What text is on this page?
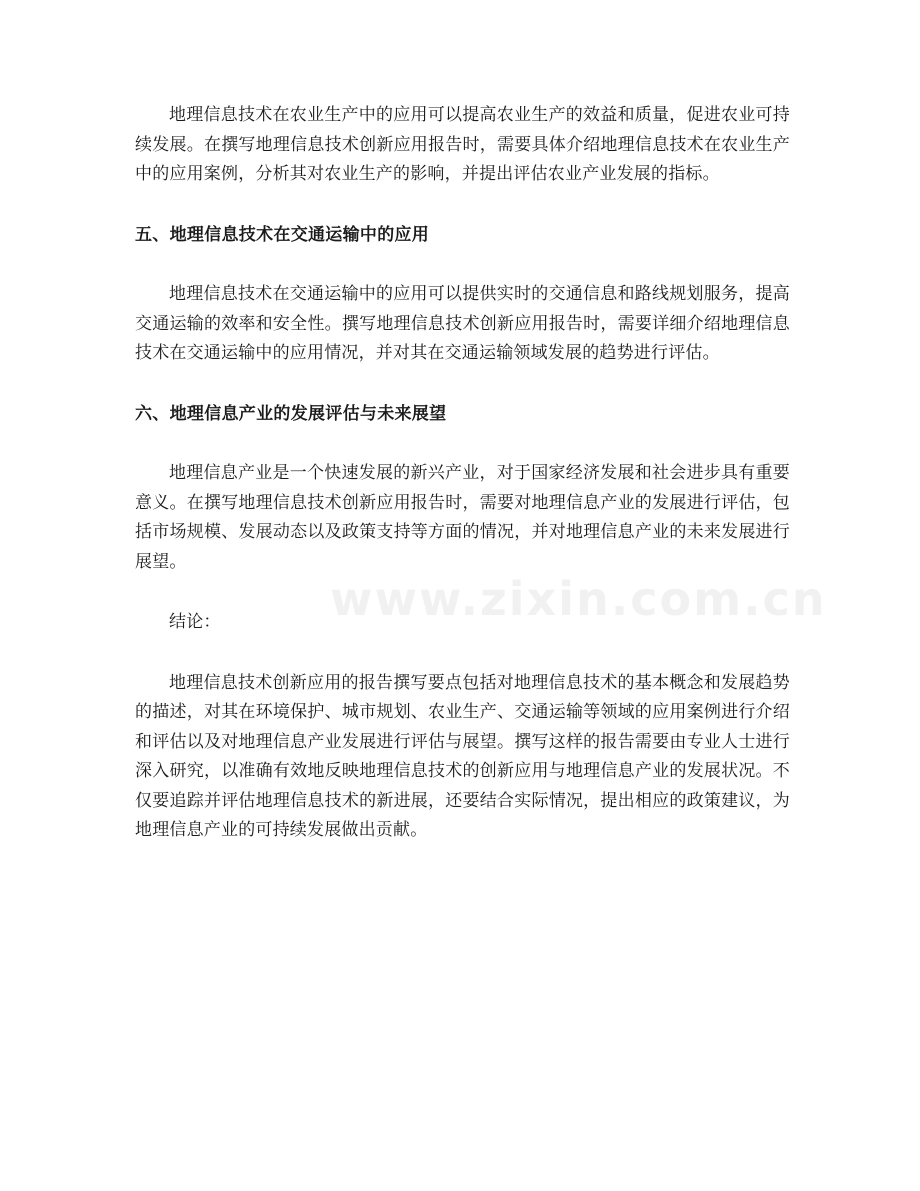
地理信息技术在农业生产中的应用可以提高农业生产的效益和质量，促进农业可持续发展。在撰写地理信息技术创新应用报告时，需要具体介绍地理信息技术在农业生产中的应用案例，分析其对农业生产的影响，并提出评估农业产业发展的指标。

五、地理信息技术在交通运输中的应用

地理信息技术在交通运输中的应用可以提供实时的交通信息和路线规划服务，提高交通运输的效率和安全性。撰写地理信息技术创新应用报告时，需要详细介绍地理信息技术在交通运输中的应用情况，并对其在交通运输领域发展的趋势进行评估。

六、地理信息产业的发展评估与未来展望

地理信息产业是一个快速发展的新兴产业，对于国家经济发展和社会进步具有重要意义。在撰写地理信息技术创新应用报告时，需要对地理信息产业的发展进行评估，包括市场规模、发展动态以及政策支持等方面的情况，并对地理信息产业的未来发展进行展望。

结论：

地理信息技术创新应用的报告撰写要点包括对地理信息技术的基本概念和发展趋势的描述，对其在环境保护、城市规划、农业生产、交通运输等领域的应用案例进行介绍和评估以及对地理信息产业发展进行评估与展望。撰写这样的报告需要由专业人士进行深入研究，以准确有效地反映地理信息技术的创新应用与地理信息产业的发展状况。不仅要追踪并评估地理信息技术的新进展，还要结合实际情况，提出相应的政策建议，为地理信息产业的可持续发展做出贡献。

www.zixin.com.cn
